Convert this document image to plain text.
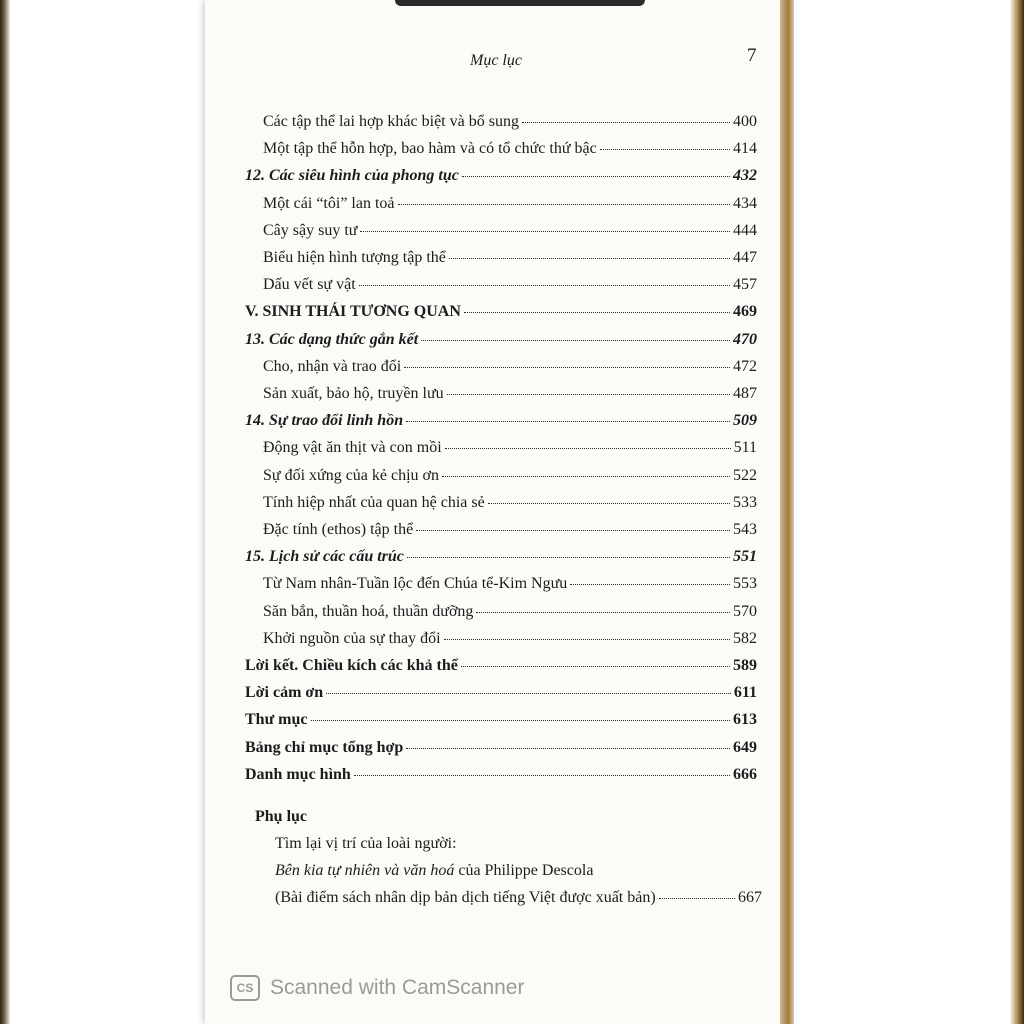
Mục lục	7
Các tập thể lai hợp khác biệt và bổ sung	400
Một tập thể hỗn hợp, bao hàm và có tổ chức thứ bậc	414
12. Các siêu hình của phong tục	432
Một cái “tôi” lan toả	434
Cây sậy suy tư	444
Biểu hiện hình tượng tập thể	447
Dấu vết sự vật	457
V. SINH THÁI TƯƠNG QUAN	469
13. Các dạng thức gắn kết	470
Cho, nhận và trao đổi	472
Sản xuất, bảo hộ, truyền lưu	487
14. Sự trao đổi linh hồn	509
Động vật ăn thịt và con mồi	511
Sự đối xứng của kẻ chịu ơn	522
Tính hiệp nhất của quan hệ chia sẻ	533
Đặc tính (ethos) tập thể	543
15. Lịch sử các cấu trúc	551
Từ Nam nhân-Tuần lộc đến Chúa tể-Kim Ngưu	553
Săn bắn, thuần hoá, thuần dưỡng	570
Khởi nguồn của sự thay đổi	582
Lời kết. Chiều kích các khả thể	589
Lời cảm ơn	611
Thư mục	613
Bảng chỉ mục tổng hợp	649
Danh mục hình	666
Phụ lục
Tìm lại vị trí của loài người:
Bên kia tự nhiên và văn hoá của Philippe Descola
(Bài điểm sách nhân dịp bản dịch tiếng Việt được xuất bản)	667
CS Scanned with CamScanner
